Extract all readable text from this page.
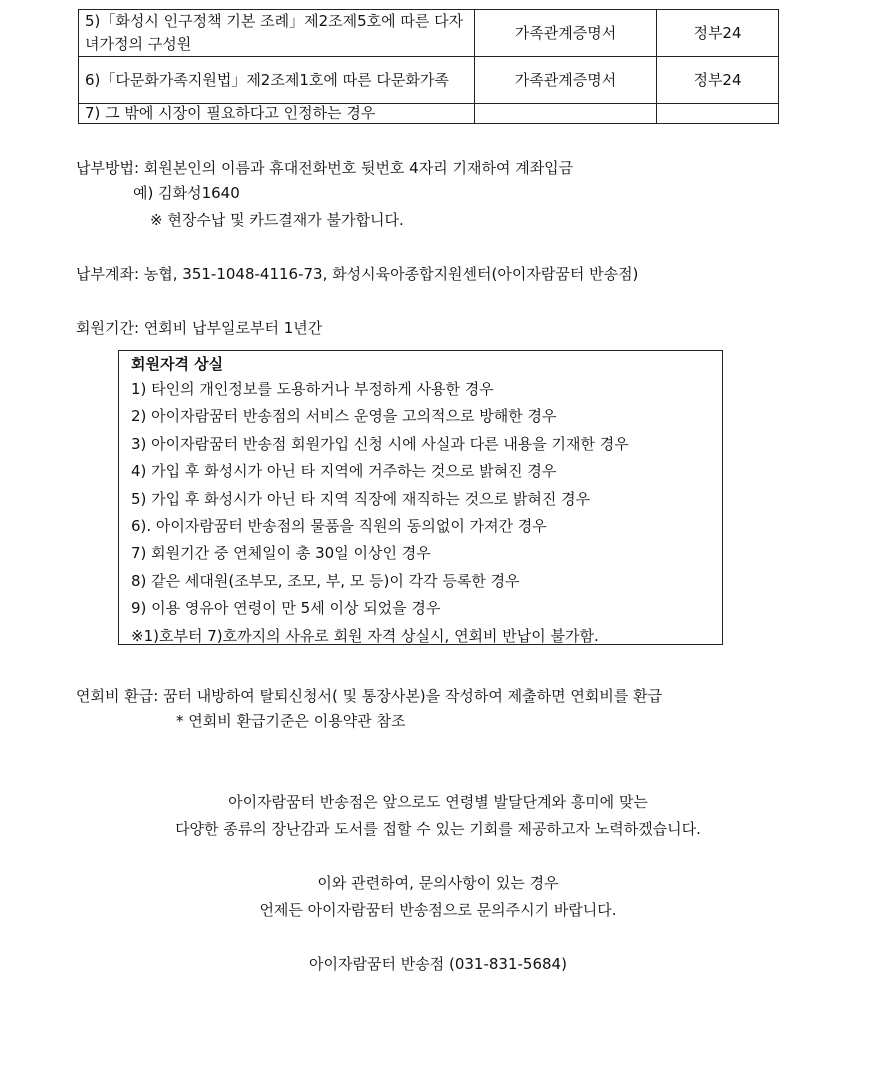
5)「화성시 인구정책 기본 조례」제2조제5호에 따른 다자녀가정의 구성원	가족관계증명서	정부24
6)「다문화가족지원법」제2조제1호에 따른 다문화가족	가족관계증명서	정부24
7) 그 밖에 시장이 필요하다고 인정하는 경우		
납부방법: 회원본인의 이름과 휴대전화번호 뒷번호 4자리 기재하여 계좌입금
예) 김화성1640
※ 현장수납 및 카드결재가 불가합니다.
납부계좌: 농협, 351-1048-4116-73, 화성시육아종합지원센터(아이자람꿈터 반송점)
회원기간: 연회비 납부일로부터 1년간
회원자격 상실
1) 타인의 개인정보를 도용하거나 부정하게 사용한 경우
2) 아이자람꿈터 반송점의 서비스 운영을 고의적으로 방해한 경우
3) 아이자람꿈터 반송점 회원가입 신청 시에 사실과 다른 내용을 기재한 경우
4) 가입 후 화성시가 아닌 타 지역에 거주하는 것으로 밝혀진 경우
5) 가입 후 화성시가 아닌 타 지역 직장에 재직하는 것으로 밝혀진 경우
6). 아이자람꿈터 반송점의 물품을 직원의 동의없이 가져간 경우
7) 회원기간 중 연체일이 총 30일 이상인 경우
8) 같은 세대원(조부모, 조모, 부, 모 등)이 각각 등록한 경우
9) 이용 영유아 연령이 만 5세 이상 되었을 경우
※1)호부터 7)호까지의 사유로 회원 자격 상실시, 연회비 반납이 불가함.
연회비 환급: 꿈터 내방하여 탈퇴신청서( 및 통장사본)을 작성하여 제출하면 연회비를 환급
* 연회비 환급기준은 이용약관 참조
아이자람꿈터 반송점은 앞으로도 연령별 발달단계와 흥미에 맞는
다양한 종류의 장난감과 도서를 접할 수 있는 기회를 제공하고자 노력하겠습니다.
이와 관련하여, 문의사항이 있는 경우
언제든 아이자람꿈터 반송점으로 문의주시기 바랍니다.
아이자람꿈터 반송점 (031-831-5684)
